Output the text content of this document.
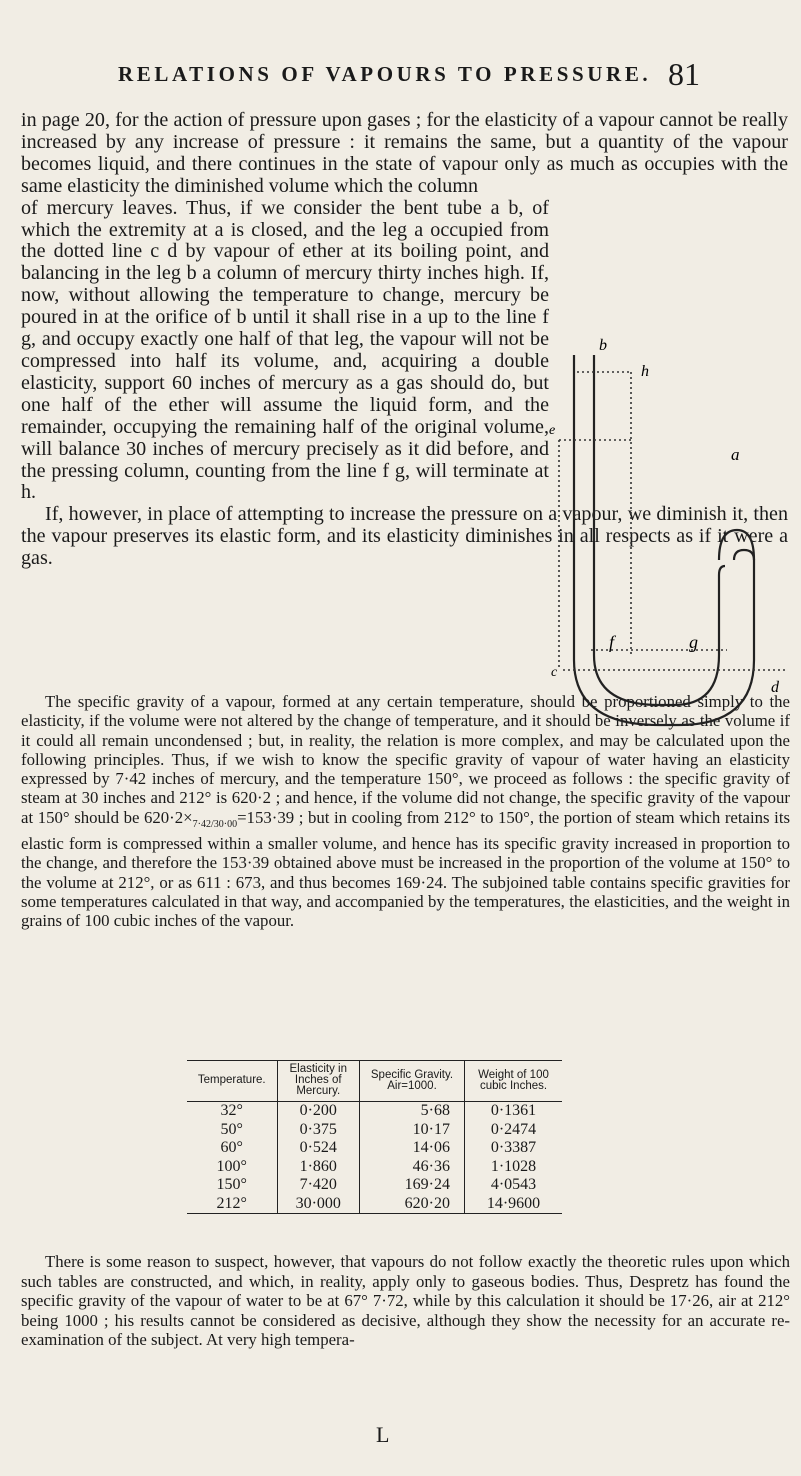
RELATIONS OF VAPOURS TO PRESSURE. 81

in page 20, for the action of pressure upon gases ; for the elasticity of a vapour cannot be really increased by any increase of pressure : it remains the same, but a quantity of the vapour becomes liquid, and there continues in the state of vapour only as much as occupies with the same elasticity the diminished volume which the column

of mercury leaves. Thus, if we consider the bent tube a b, of which the extremity at a is closed, and the leg a occupied from the dotted line c d by vapour of ether at its boiling point, and balancing in the leg b a column of mercury thirty inches high. If, now, without allowing the temperature to change, mercury be poured in at the orifice of b until it shall rise in a up to the line f g, and occupy exactly one half of that leg, the vapour will not be compressed into half its volume, and, acquiring a double elasticity, support 60 inches of mercury as a gas should do, but one half of the ether will assume the liquid form, and the remainder, occupying the remaining half of the original volume, will balance 30 inches of mercury precisely as it did before, and the pressing column, counting from the line f g, will terminate at h.

If, however, in place of attempting to increase the pressure on a vapour, we diminish it, then the vapour preserves its elastic form, and its elasticity diminishes in all respects as if it were a gas.

The specific gravity of a vapour, formed at any certain temperature, should be proportioned simply to the elasticity, if the volume were not altered by the change of temperature, and it should be inversely as the volume if it could all remain uncondensed ; but, in reality, the relation is more complex, and may be calculated upon the following principles. Thus, if we wish to know the specific gravity of vapour of water having an elasticity expressed by 7·42 inches of mercury, and the temperature 150°, we proceed as follows : the specific gravity of steam at 30 inches and 212° is 620·2 ; and hence, if the volume did not change, the specific gravity of the vapour at 150° should be $620\cdot 2\times_{7\cdot 42/30\cdot 00}=153\cdot 39$ ; but in cooling from 212° to 150°, the portion of steam which retains its elastic form is compressed within a smaller volume, and hence has its specific gravity increased in proportion to the change, and therefore the 153·39 obtained above must be increased in the proportion of the volume at 150° to the volume at 212°, or as 611 : 673, and thus becomes 169·24. The subjoined table contains specific gravities for some temperatures calculated in that way, and accompanied by the temperatures, the elasticities, and the weight in grains of 100 cubic inches of the vapour.

b
h
e
a
f	g
c
d
Temperature.	Elasticity in Inches of Mercury.	Specific Gravity. Air=1000.	Weight of 100 cubic Inches.
32°	0·200	5·68	0·1361
50°	0·375	10·17	0·2474
60°	0·524	14·06	0·3387
100°	1·860	46·36	1·1028
150°	7·420	169·24	4·0543
212°	30·000	620·20	14·9600

There is some reason to suspect, however, that vapours do not follow exactly the theoretic rules upon which such tables are constructed, and which, in reality, apply only to gaseous bodies. Thus, Despretz has found the specific gravity of the vapour of water to be at 67° 7·72, while by this calculation it should be 17·26, air at 212° being 1000 ; his results cannot be considered as decisive, although they show the necessity for an accurate re-examination of the subject. At very high tempera-

L
